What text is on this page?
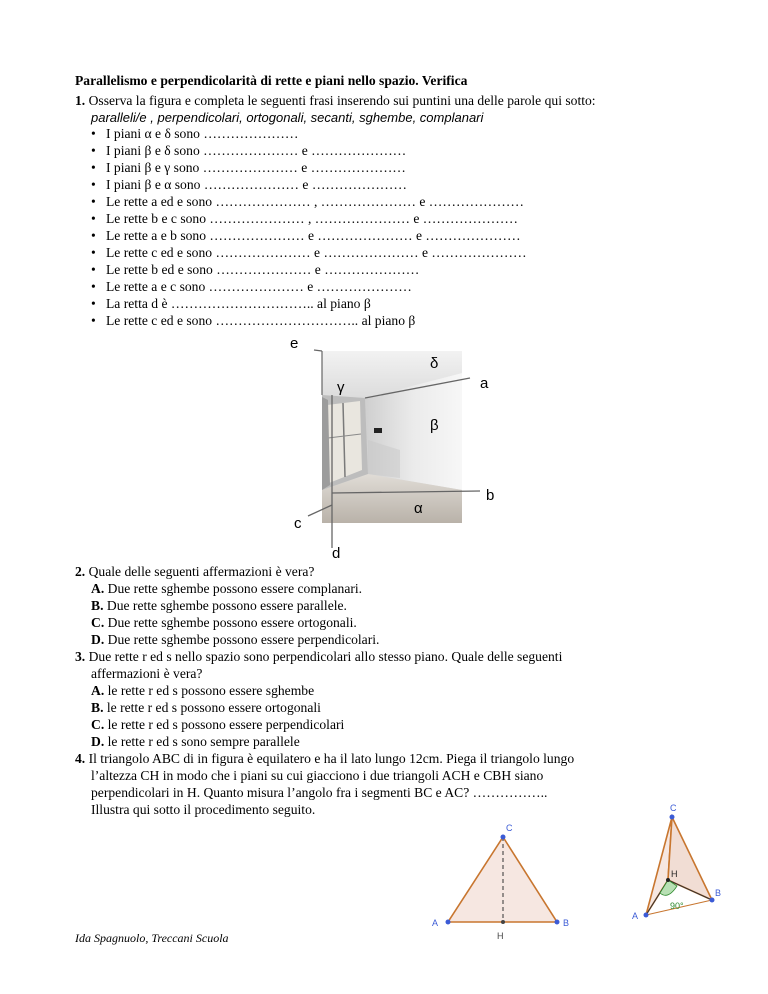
Parallelismo e perpendicolarità di rette e piani nello spazio. Verifica
1. Osserva la figura e completa le seguenti frasi inserendo sui puntini una delle parole qui sotto:
paralleli/e , perpendicolari, ortogonali, secanti, sghembe, complanari
• I piani α e δ sono …………………
• I piani β e δ sono ………………… e …………………
• I piani β e γ sono ………………… e …………………
• I piani β e α sono ………………… e …………………
• Le rette a ed e sono ………………… , ………………… e …………………
• Le rette b e c sono ………………… , ………………… e …………………
• Le rette a e b sono ………………… e ………………… e …………………
• Le rette c ed e sono ………………… e ………………… e …………………
• Le rette b ed e sono ………………… e …………………
• Le rette a e c sono ………………… e …………………
• La retta d è ………………………….. al piano β
• Le rette c ed e sono ………………………….. al piano β
e
δ
a
γ
β
b
α
c
d
2. Quale delle seguenti affermazioni è vera?
A. Due rette sghembe possono essere complanari.
B. Due rette sghembe possono essere parallele.
C. Due rette sghembe possono essere ortogonali.
D. Due rette sghembe possono essere perpendicolari.
3. Due rette r ed s nello spazio sono perpendicolari allo stesso piano. Quale delle seguenti
affermazioni è vera?
A. le rette r ed s possono essere sghembe
B. le rette r ed s possono essere ortogonali
C. le rette r ed s possono essere perpendicolari
D. le rette r ed s sono sempre parallele
4. Il triangolo ABC di in figura è equilatero e ha il lato lungo 12cm. Piega il triangolo lungo
l’altezza CH in modo che i piani su cui giacciono i due triangoli ACH e CBH siano
perpendicolari in H. Quanto misura l’angolo fra i segmenti BC e AC? ……………..
Illustra qui sotto il procedimento seguito.
C
A	B
H
C
A
B
H
90°
Ida Spagnuolo, Treccani Scuola
